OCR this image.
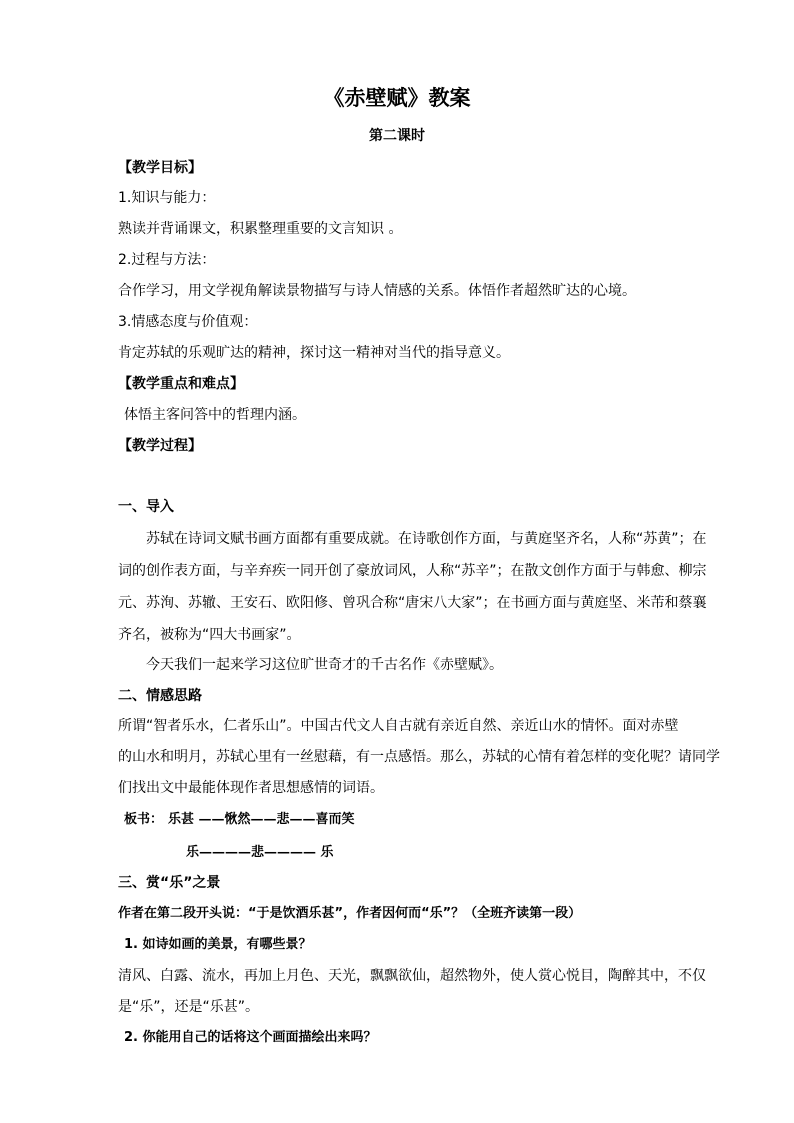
《赤壁赋》教案
第二课时
【教学目标】
1.知识与能力：
熟读并背诵课文，积累整理重要的文言知识 。
2.过程与方法：
合作学习，用文学视角解读景物描写与诗人情感的关系。体悟作者超然旷达的心境。
3.情感态度与价值观：
肯定苏轼的乐观旷达的精神，探讨这一精神对当代的指导意义。
【教学重点和难点】
体悟主客问答中的哲理内涵。
【教学过程】
一、导入
苏轼在诗词文赋书画方面都有重要成就。在诗歌创作方面，与黄庭坚齐名，人称“苏黄”；在
词的创作表方面，与辛弃疾一同开创了豪放词风，人称“苏辛”；在散文创作方面于与韩愈、柳宗
元、苏洵、苏辙、王安石、欧阳修、曾巩合称“唐宋八大家”；在书画方面与黄庭坚、米芾和蔡襄
齐名，被称为“四大书画家”。
今天我们一起来学习这位旷世奇才的千古名作《赤壁赋》。
二、情感思路
所谓“智者乐水，仁者乐山”。中国古代文人自古就有亲近自然、亲近山水的情怀。面对赤壁
的山水和明月，苏轼心里有一丝慰藉，有一点感悟。那么，苏轼的心情有着怎样的变化呢？请同学
们找出文中最能体现作者思想感情的词语。
板书： 乐甚 ——愀然——悲——喜而笑
乐————悲———— 乐
三、赏“乐”之景
作者在第二段开头说：“于是饮酒乐甚”，作者因何而“乐”？（全班齐读第一段）
1. 如诗如画的美景，有哪些景？
清风、白露、流水，再加上月色、天光，飘飘欲仙，超然物外，使人赏心悦目，陶醉其中，不仅
是“乐”，还是“乐甚”。
2. 你能用自己的话将这个画面描绘出来吗？
